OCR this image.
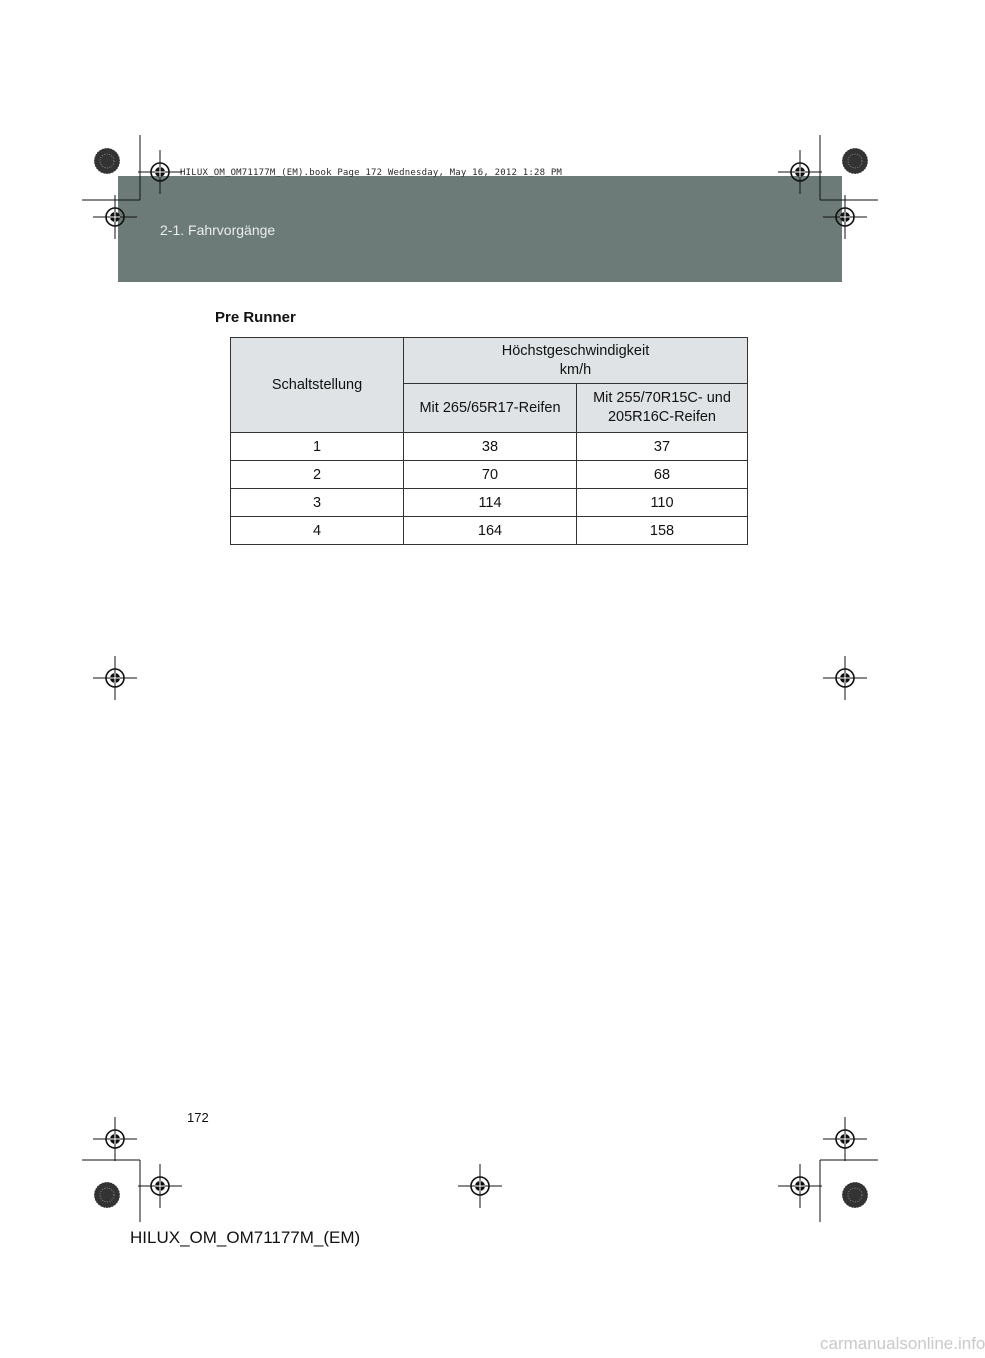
HILUX_OM_OM71177M_(EM).book Page 172 Wednesday, May 16, 2012 1:28 PM
2-1. Fahrvorgänge
Pre Runner
Schaltstellung	Höchstgeschwindigkeit
km/h	

	Mit 265/65R17-Reifen	Mit 255/70R15C- und
205R16C-Reifen

1	38	37
2	70	68
3	114	110
4	164	158
172
HILUX_OM_OM71177M_(EM)
carmanualsonline.info
